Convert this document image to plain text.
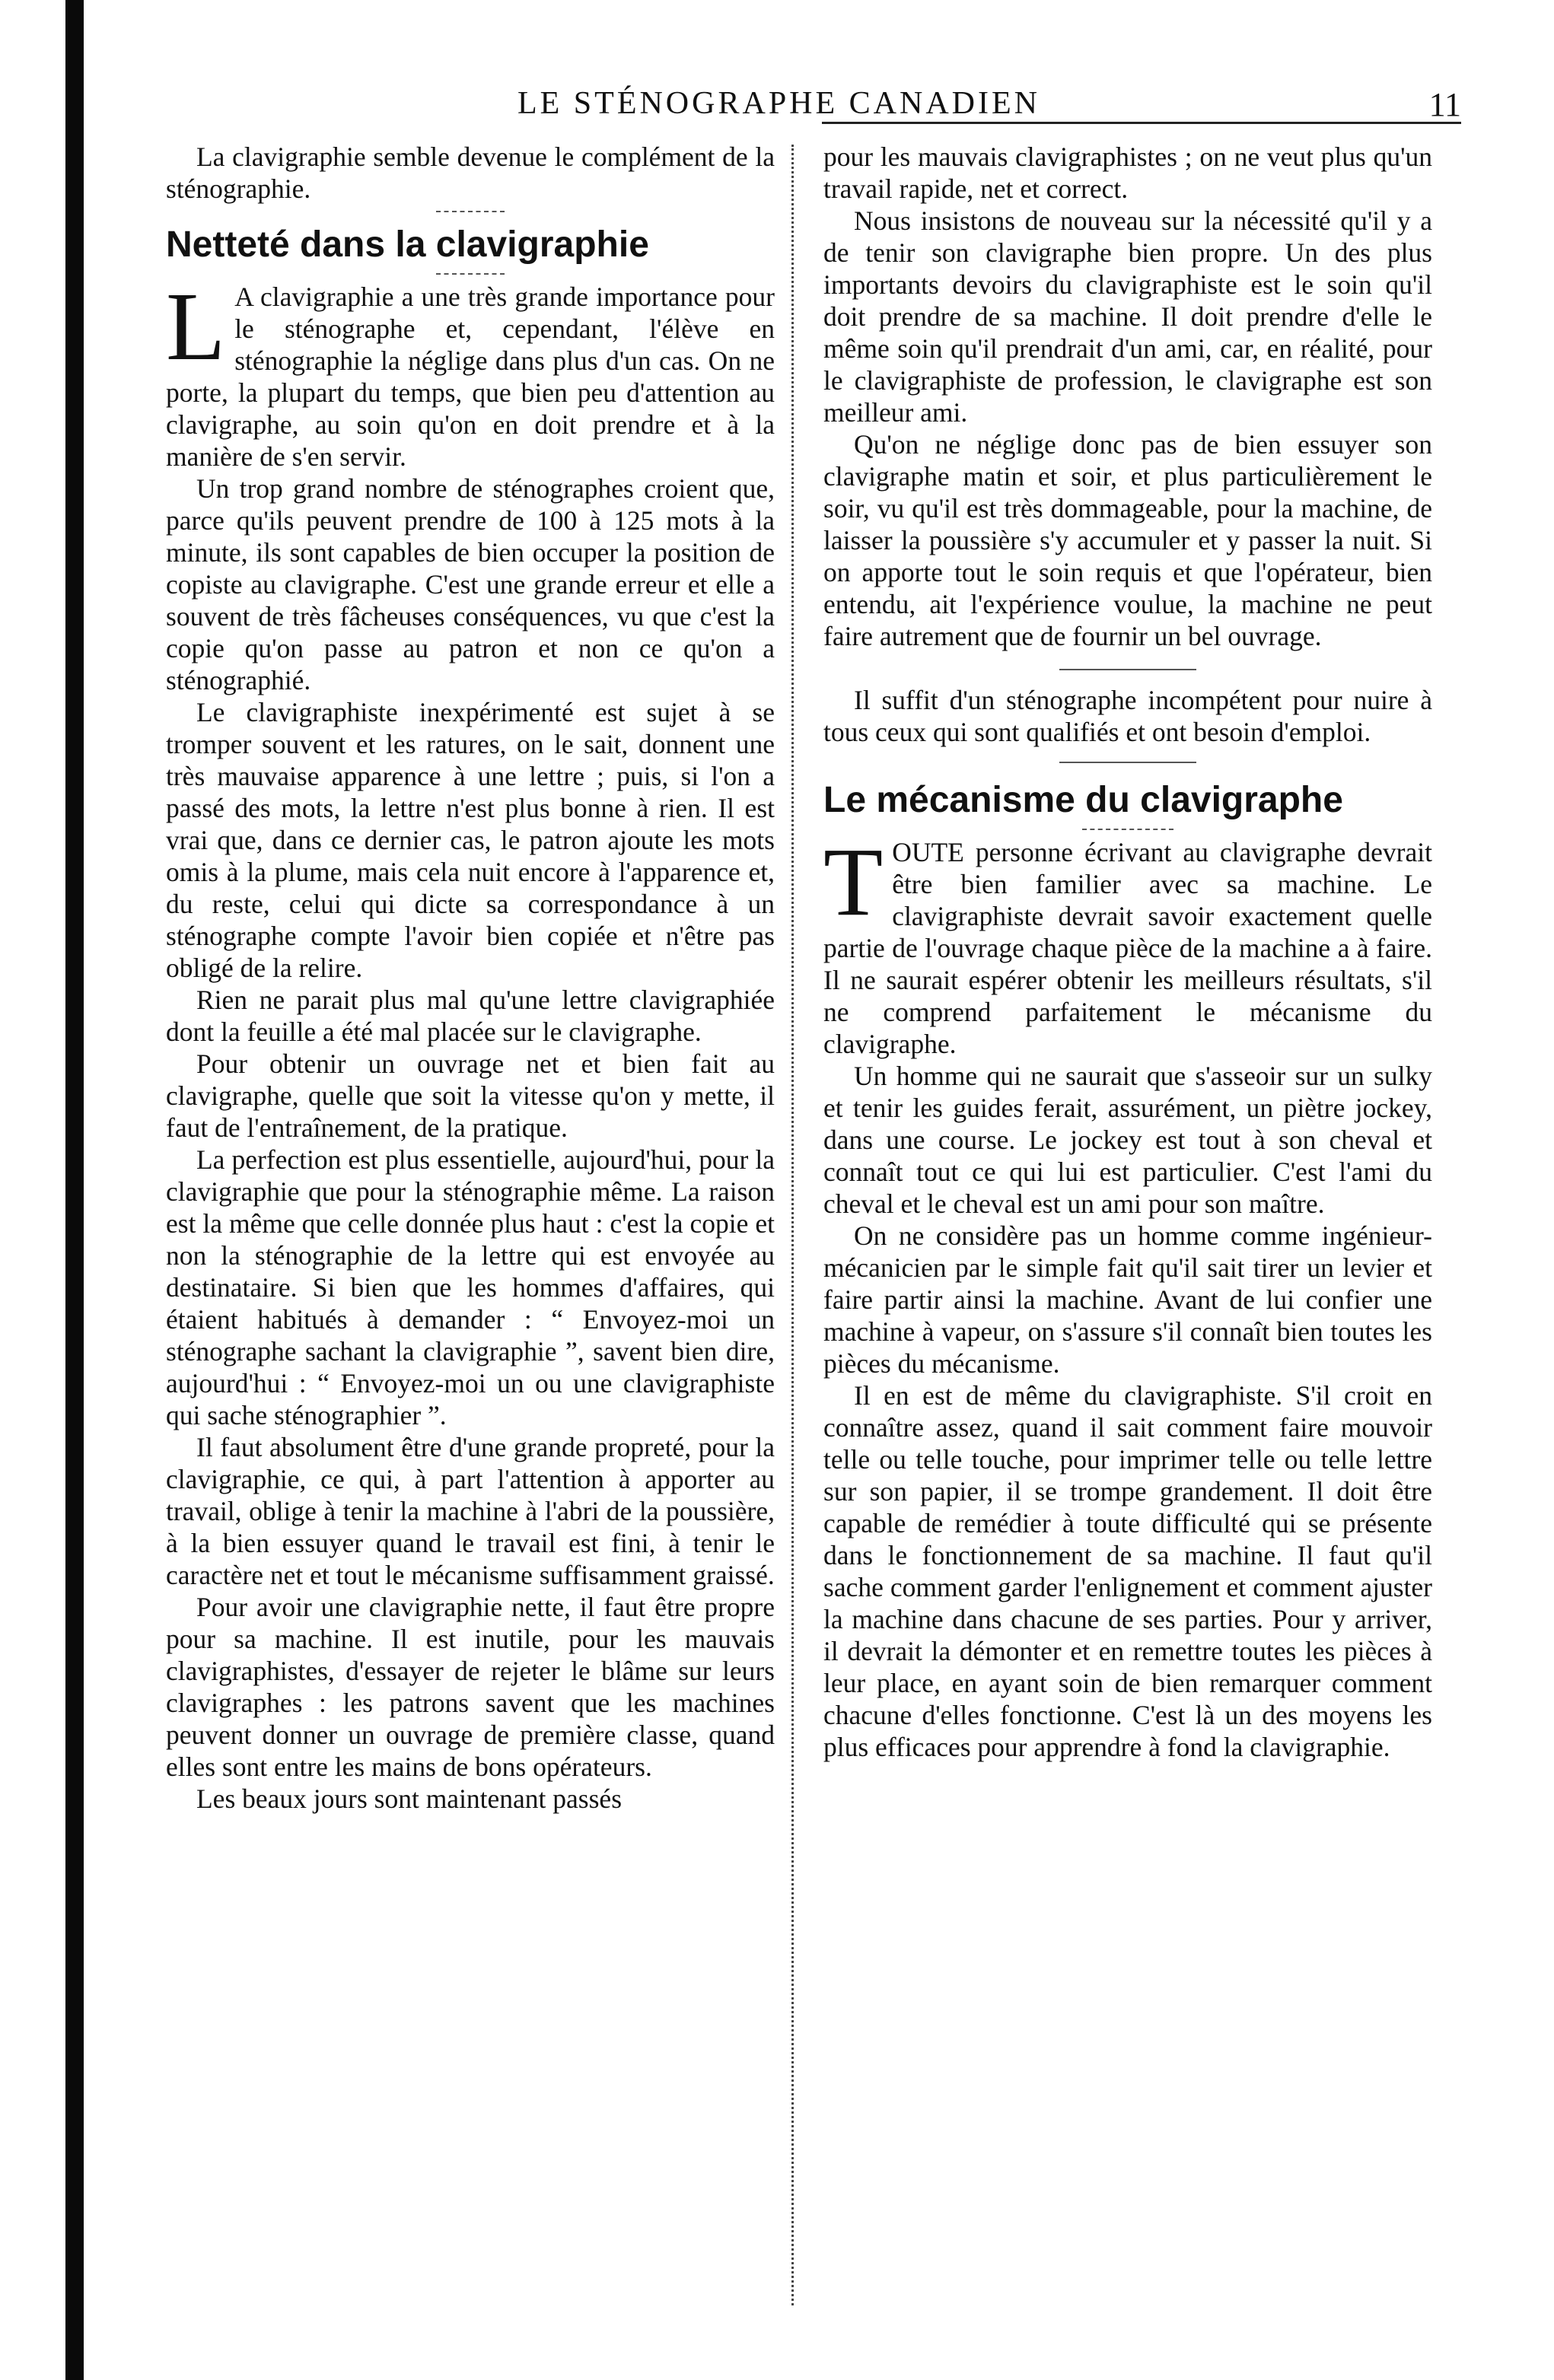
LE STÉNOGRAPHE CANADIEN	11

La clavigraphie semble devenue le complément de la sténographie.

Netteté dans la clavigraphie
L A clavigraphie a une très grande importance pour le sténographe et, cependant, l'élève en sténographie la néglige dans plus d'un cas. On ne porte, la plupart du temps, que bien peu d'attention au clavigraphe, au soin qu'on en doit prendre et à la manière de s'en servir.

Un trop grand nombre de sténographes croient que, parce qu'ils peuvent prendre de 100 à 125 mots à la minute, ils sont capables de bien occuper la position de copiste au clavigraphe. C'est une grande erreur et elle a souvent de très fâcheuses conséquences, vu que c'est la copie qu'on passe au patron et non ce qu'on a sténographié.

Le clavigraphiste inexpérimenté est sujet à se tromper souvent et les ratures, on le sait, donnent une très mauvaise apparence à une lettre ; puis, si l'on a passé des mots, la lettre n'est plus bonne à rien. Il est vrai que, dans ce dernier cas, le patron ajoute les mots omis à la plume, mais cela nuit encore à l'apparence et, du reste, celui qui dicte sa correspondance à un sténographe compte l'avoir bien copiée et n'être pas obligé de la relire.

Rien ne parait plus mal qu'une lettre clavigraphiée dont la feuille a été mal placée sur le clavigraphe.

Pour obtenir un ouvrage net et bien fait au clavigraphe, quelle que soit la vitesse qu'on y mette, il faut de l'entraînement, de la pratique.

La perfection est plus essentielle, aujourd'hui, pour la clavigraphie que pour la sténographie même. La raison est la même que celle donnée plus haut : c'est la copie et non la sténographie de la lettre qui est envoyée au destinataire. Si bien que les hommes d'affaires, qui étaient habitués à demander : “ Envoyez-moi un sténographe sachant la clavigraphie ”, savent bien dire, aujourd'hui : “ Envoyez-moi un ou une clavigraphiste qui sache sténographier ”.

Il faut absolument être d'une grande propreté, pour la clavigraphie, ce qui, à part l'attention à apporter au travail, oblige à tenir la machine à l'abri de la poussière, à la bien essuyer quand le travail est fini, à tenir le caractère net et tout le mécanisme suffisamment graissé.

Pour avoir une clavigraphie nette, il faut être propre pour sa machine. Il est inutile, pour les mauvais clavigraphistes, d'essayer de rejeter le blâme sur leurs clavigraphes : les patrons savent que les machines peuvent donner un ouvrage de première classe, quand elles sont entre les mains de bons opérateurs.

Les beaux jours sont maintenant passés

pour les mauvais clavigraphistes ; on ne veut plus qu'un travail rapide, net et correct.

Nous insistons de nouveau sur la nécessité qu'il y a de tenir son clavigraphe bien propre. Un des plus importants devoirs du clavigraphiste est le soin qu'il doit prendre de sa machine. Il doit prendre d'elle le même soin qu'il prendrait d'un ami, car, en réalité, pour le clavigraphiste de profession, le clavigraphe est son meilleur ami.

Qu'on ne néglige donc pas de bien essuyer son clavigraphe matin et soir, et plus particulièrement le soir, vu qu'il est très dommageable, pour la machine, de laisser la poussière s'y accumuler et y passer la nuit. Si on apporte tout le soin requis et que l'opérateur, bien entendu, ait l'expérience voulue, la machine ne peut faire autrement que de fournir un bel ouvrage.

Il suffit d'un sténographe incompétent pour nuire à tous ceux qui sont qualifiés et ont besoin d'emploi.

Le mécanisme du clavigraphe
T OUTE personne écrivant au clavigraphe devrait être bien familier avec sa machine. Le clavigraphiste devrait savoir exactement quelle partie de l'ouvrage chaque pièce de la machine a à faire. Il ne saurait espérer obtenir les meilleurs résultats, s'il ne comprend parfaitement le mécanisme du clavigraphe.

Un homme qui ne saurait que s'asseoir sur un sulky et tenir les guides ferait, assurément, un piètre jockey, dans une course. Le jockey est tout à son cheval et connaît tout ce qui lui est particulier. C'est l'ami du cheval et le cheval est un ami pour son maître.

On ne considère pas un homme comme ingénieur-mécanicien par le simple fait qu'il sait tirer un levier et faire partir ainsi la machine. Avant de lui confier une machine à vapeur, on s'assure s'il connaît bien toutes les pièces du mécanisme.

Il en est de même du clavigraphiste. S'il croit en connaître assez, quand il sait comment faire mouvoir telle ou telle touche, pour imprimer telle ou telle lettre sur son papier, il se trompe grandement. Il doit être capable de remédier à toute difficulté qui se présente dans le fonctionnement de sa machine. Il faut qu'il sache comment garder l'enlignement et comment ajuster la machine dans chacune de ses parties. Pour y arriver, il devrait la démonter et en remettre toutes les pièces à leur place, en ayant soin de bien remarquer comment chacune d'elles fonctionne. C'est là un des moyens les plus efficaces pour apprendre à fond la clavigraphie.
